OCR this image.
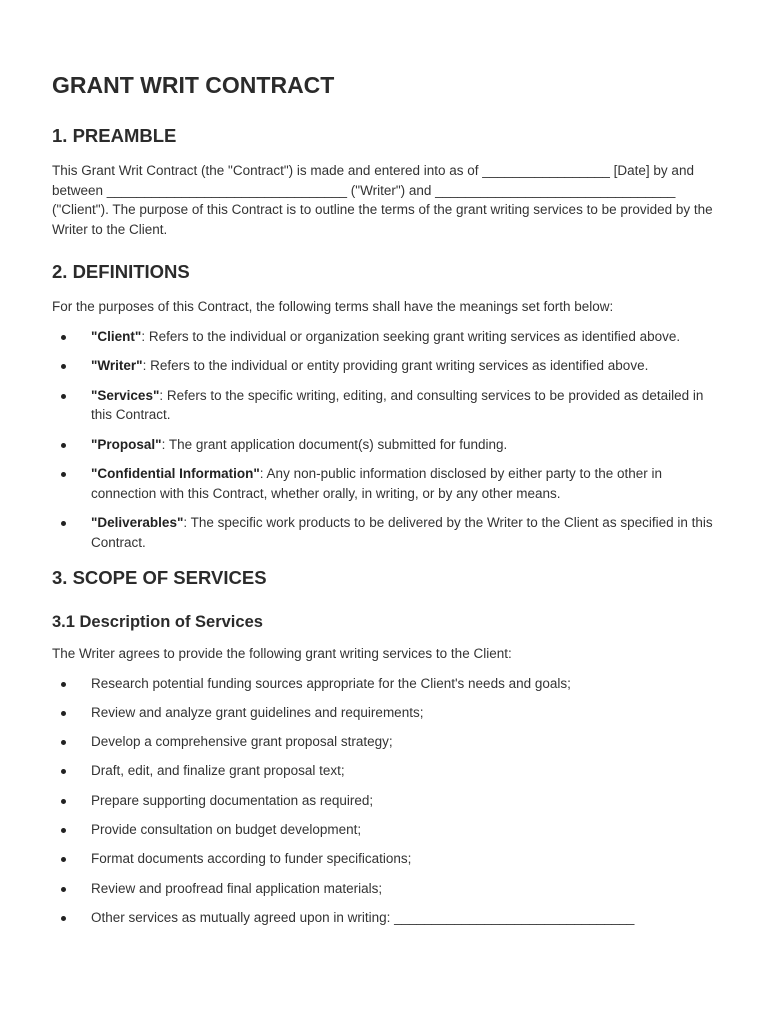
GRANT WRIT CONTRACT
1. PREAMBLE

This Grant Writ Contract (the "Contract") is made and entered into as of _________________ [Date] by and between ________________________________ ("Writer") and ________________________________ ("Client"). The purpose of this Contract is to outline the terms of the grant writing services to be provided by the Writer to the Client.

2. DEFINITIONS

For the purposes of this Contract, the following terms shall have the meanings set forth below:

"Client": Refers to the individual or organization seeking grant writing services as identified above.
"Writer": Refers to the individual or entity providing grant writing services as identified above.
"Services": Refers to the specific writing, editing, and consulting services to be provided as detailed in this Contract.
"Proposal": The grant application document(s) submitted for funding.
"Confidential Information": Any non-public information disclosed by either party to the other in connection with this Contract, whether orally, in writing, or by any other means.
"Deliverables": The specific work products to be delivered by the Writer to the Client as specified in this Contract.
3. SCOPE OF SERVICES
3.1 Description of Services

The Writer agrees to provide the following grant writing services to the Client:

Research potential funding sources appropriate for the Client's needs and goals;
Review and analyze grant guidelines and requirements;
Develop a comprehensive grant proposal strategy;
Draft, edit, and finalize grant proposal text;
Prepare supporting documentation as required;
Provide consultation on budget development;
Format documents according to funder specifications;
Review and proofread final application materials;
Other services as mutually agreed upon in writing: ________________________________
